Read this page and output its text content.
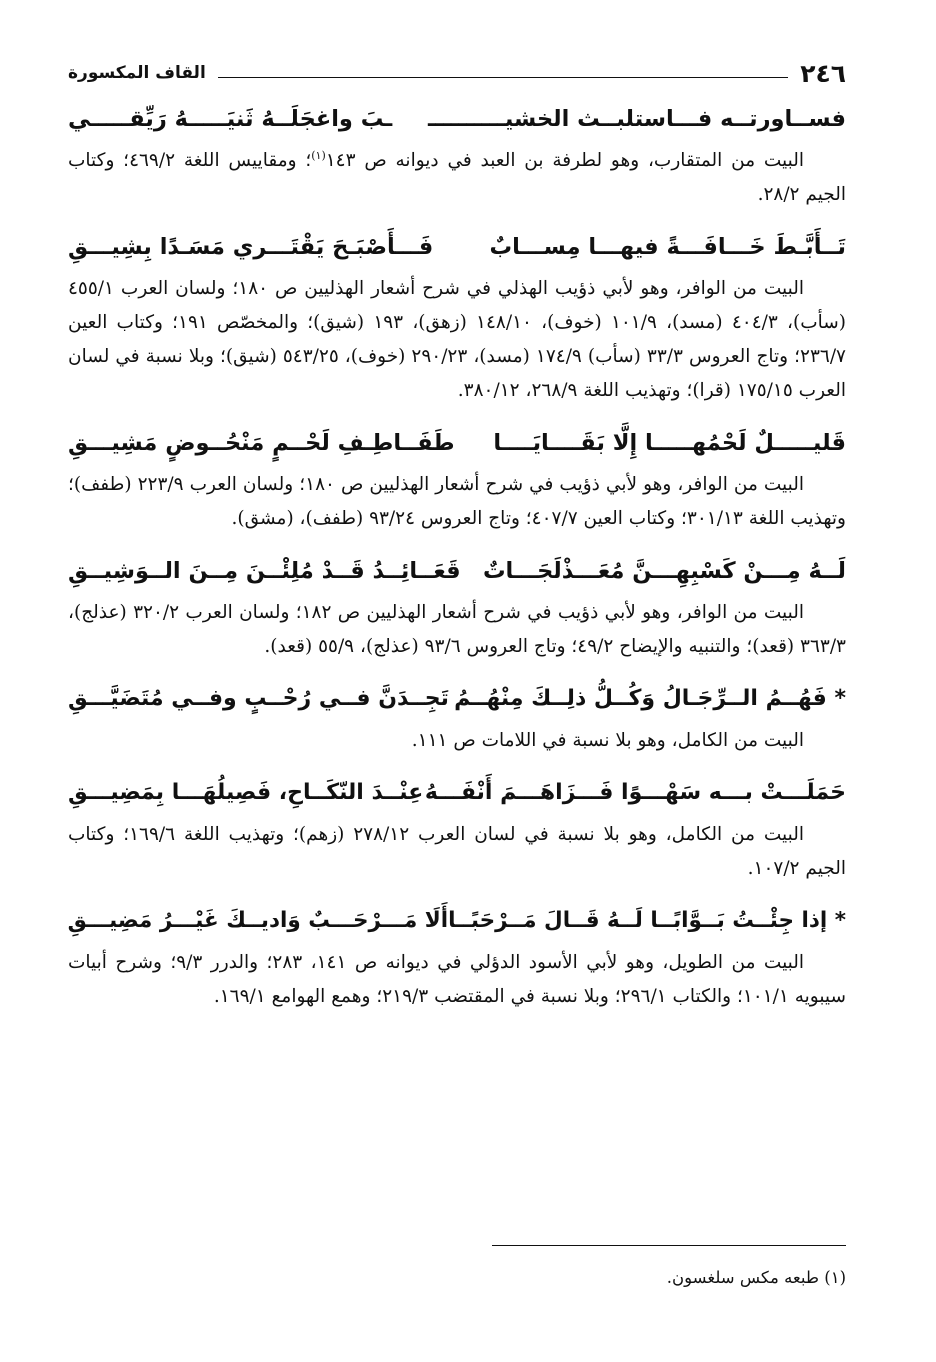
٢٤٦
القاف المكسورة
فســاورتــه فـــاستلبــث الخشيــــــــــ
ـبَ واغجَلَــهُ ثَنيَـــــهُ رَيِّقـــــي

البيت من المتقارب، وهو لطرفة بن العبد في ديوانه ص ١٤٣$^{(١)}$؛ ومقاييس اللغة ٤٦٩/٢؛ وكتاب الجيم ٢٨/٢.

تَــأَبَّـطَ خَـــافَـــةً فيهـــا مِســـابٌ
فَـــأَصْبَـحَ يَقْتَـــري مَسَـدًا بِشِيـــقِ

البيت من الوافر، وهو لأبي ذؤيب الهذلي في شرح أشعار الهذليين ص ١٨٠؛ ولسان العرب ٤٥٥/١ (سأب)، ٤٠٤/٣ (مسد)، ١٠١/٩ (خوف)، ١٤٨/١٠ (زهق)، ١٩٣ (شيق)؛ والمخصّص ١٩١؛ وكتاب العين ٢٣٦/٧؛ وتاج العروس ٣٣/٣ (سأب) ١٧٤/٩ (مسد)، ٢٩٠/٢٣ (خوف)، ٥٤٣/٢٥ (شيق)؛ وبلا نسبة في لسان العرب ١٧٥/١٥ (قرا)؛ وتهذيب اللغة ٢٦٨/٩، ٣٨٠/١٢.

قَليـــــلٌ لَحْمُهـــــا إِلَّا بَقَــــايَــــا
طَفَــاطِـفِ لَحْــمٍ مَنْحُــوضٍ مَشِيـــقِ

البيت من الوافر، وهو لأبي ذؤيب في شرح أشعار الهذليين ص ١٨٠؛ ولسان العرب ٢٢٣/٩ (طفف)؛ وتهذيب اللغة ٣٠١/١٣؛ وكتاب العين ٤٠٧/٧؛ وتاج العروس ٩٣/٢٤ (طفف)، (مشق).

لَــهُ مِـــنْ كَسْبِهِـــنَّ مُعَـــذْلَجَـــاتٌ
قَعَــائِــدُ قَــدْ مُلِئْــنَ مِــنَ الــوَشِيــقِ

البيت من الوافر، وهو لأبي ذؤيب في شرح أشعار الهذليين ص ١٨٢؛ ولسان العرب ٣٢٠/٢ (عذلج)، ٣٦٣/٣ (قعد)؛ والتنبيه والإيضاح ٤٩/٢؛ وتاج العروس ٩٣/٦ (عذلج)، ٥٥/٩ (قعد).

* فَهُــمُ الــرِّجَـالُ وَكُــلُّ ذلِــكَ مِنْهُــمُ
تَجِــدَنَّ فــي رُحْــبٍ وفــي مُتَضَيَّـــقِ

البيت من الكامل، وهو بلا نسبة في اللامات ص ١١١.

حَمَلَـــتْ بـــه سَهْـــوًا فَـــزَاهَـــمَ أَنْفَـــهُ
عِنْــدَ النّكَــاحِ، فَصِيلُهَـــا بِمَضِيـــقِ

البيت من الكامل، وهو بلا نسبة في لسان العرب ٢٧٨/١٢ (زهم)؛ وتهذيب اللغة ١٦٩/٦؛ وكتاب الجيم ١٠٧/٢.

* إذا جِئْــتُ بَــوَّابًــا لَــهُ قَــالَ مَــرْحَبًــا
أَلَا مَـــرْحَـــبٌ وَاديــكَ غَيْـــرُ مَضِيـــقِ

البيت من الطويل، وهو لأبي الأسود الدؤلي في ديوانه ص ١٤١، ٢٨٣؛ والدرر ٩/٣؛ وشرح أبيات سيبويه ١٠١/١؛ والكتاب ٢٩٦/١؛ وبلا نسبة في المقتضب ٢١٩/٣؛ وهمع الهوامع ١٦٩/١.

(١) طبعه مكس سلغسون.
